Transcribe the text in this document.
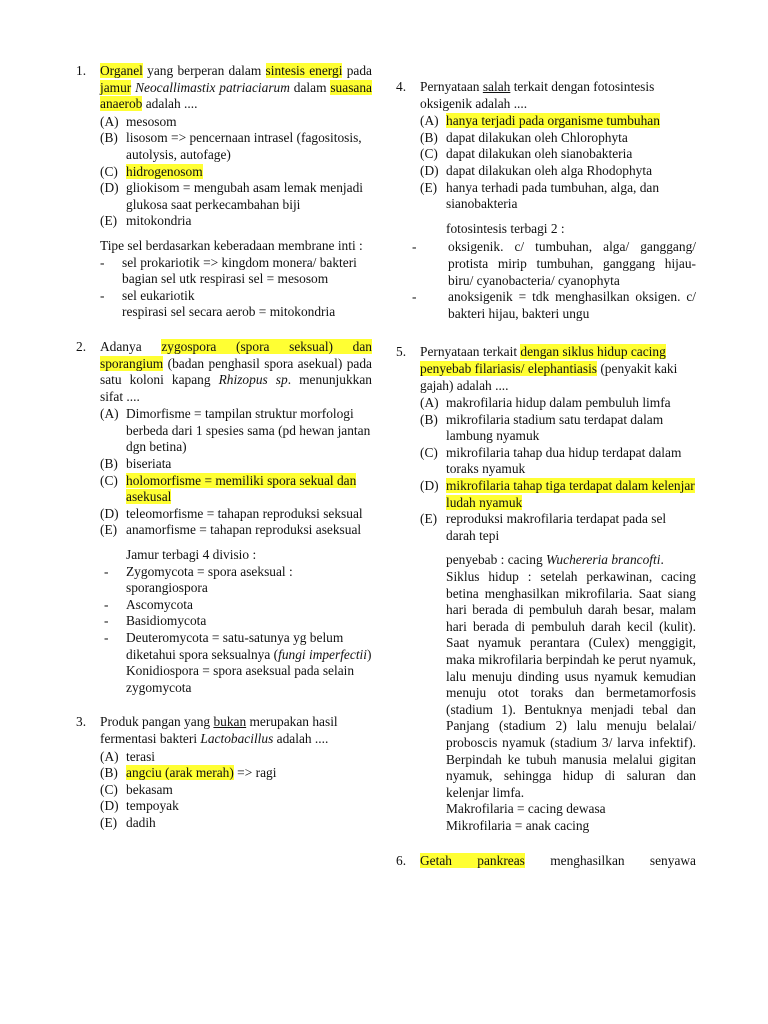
1. Organel yang berperan dalam sintesis energi pada jamur Neocallimastix patriaciarum dalam suasana anaerob adalah ....
(A) mesosom
(B) lisosom => pencernaan intrasel (fagositosis, autolysis, autofage)
(C) hidrogenosom
(D) gliokisom = mengubah asam lemak menjadi glukosa saat perkecambahan biji
(E) mitokondria
Tipe sel berdasarkan keberadaan membrane inti :
- sel prokariotik => kingdom monera/ bakteri
bagian sel utk respirasi sel = mesosom
- sel eukariotik
respirasi sel secara aerob = mitokondria
2. Adanya zygospora (spora seksual) dan sporangium (badan penghasil spora asekual) pada satu koloni kapang Rhizopus sp. menunjukkan sifat ....
(A) Dimorfisme = tampilan struktur morfologi berbeda dari 1 spesies sama (pd hewan jantan dgn betina)
(B) biseriata
(C) holomorfisme = memiliki spora sekual dan asekusal
(D) teleomorfisme = tahapan reproduksi seksual
(E) anamorfisme = tahapan reproduksi aseksual
Jamur terbagi 4 divisio :
- Zygomycota = spora aseksual : sporangiospora
- Ascomycota
- Basidiomycota
- Deuteromycota = satu-satunya yg belum diketahui spora seksualnya (fungi imperfectii)
Konidiospora = spora aseksual pada selain zygomycota
3. Produk pangan yang bukan merupakan hasil fermentasi bakteri Lactobacillus adalah ....
(A) terasi
(B) angciu (arak merah) => ragi
(C) bekasam
(D) tempoyak
(E) dadih
4. Pernyataan salah terkait dengan fotosintesis oksigenik adalah ....
(A) hanya terjadi pada organisme tumbuhan
(B) dapat dilakukan oleh Chlorophyta
(C) dapat dilakukan oleh sianobakteria
(D) dapat dilakukan oleh alga Rhodophyta
(E) hanya terhadi pada tumbuhan, alga, dan sianobakteria
fotosintesis terbagi 2 :
- oksigenik. c/ tumbuhan, alga/ ganggang/ protista mirip tumbuhan, ganggang hijau-biru/ cyanobacteria/ cyanophyta
- anoksigenik = tdk menghasilkan oksigen. c/ bakteri hijau, bakteri ungu
5. Pernyataan terkait dengan siklus hidup cacing penyebab filariasis/ elephantiasis (penyakit kaki gajah) adalah ....
(A) makrofilaria hidup dalam pembuluh limfa
(B) mikrofilaria stadium satu terdapat dalam lambung nyamuk
(C) mikrofilaria tahap dua hidup terdapat dalam toraks nyamuk
(D) mikrofilaria tahap tiga terdapat dalam kelenjar ludah nyamuk
(E) reproduksi makrofilaria terdapat pada sel darah tepi
penyebab : cacing Wuchereria brancofti.
Siklus hidup : setelah perkawinan, cacing betina menghasilkan mikrofilaria. Saat siang hari berada di pembuluh darah besar, malam hari berada di pembuluh darah kecil (kulit). Saat nyamuk perantara (Culex) menggigit, maka mikrofilaria berpindah ke perut nyamuk, lalu menuju dinding usus nyamuk kemudian menuju otot toraks dan bermetamorfosis (stadium 1). Bentuknya menjadi tebal dan Panjang (stadium 2) lalu menuju belalai/ proboscis nyamuk (stadium 3/ larva infektif). Berpindah ke tubuh manusia melalui gigitan nyamuk, sehingga hidup di saluran dan kelenjar limfa.
Makrofilaria = cacing dewasa
Mikrofilaria = anak cacing
6. Getah pankreas menghasilkan senyawa
